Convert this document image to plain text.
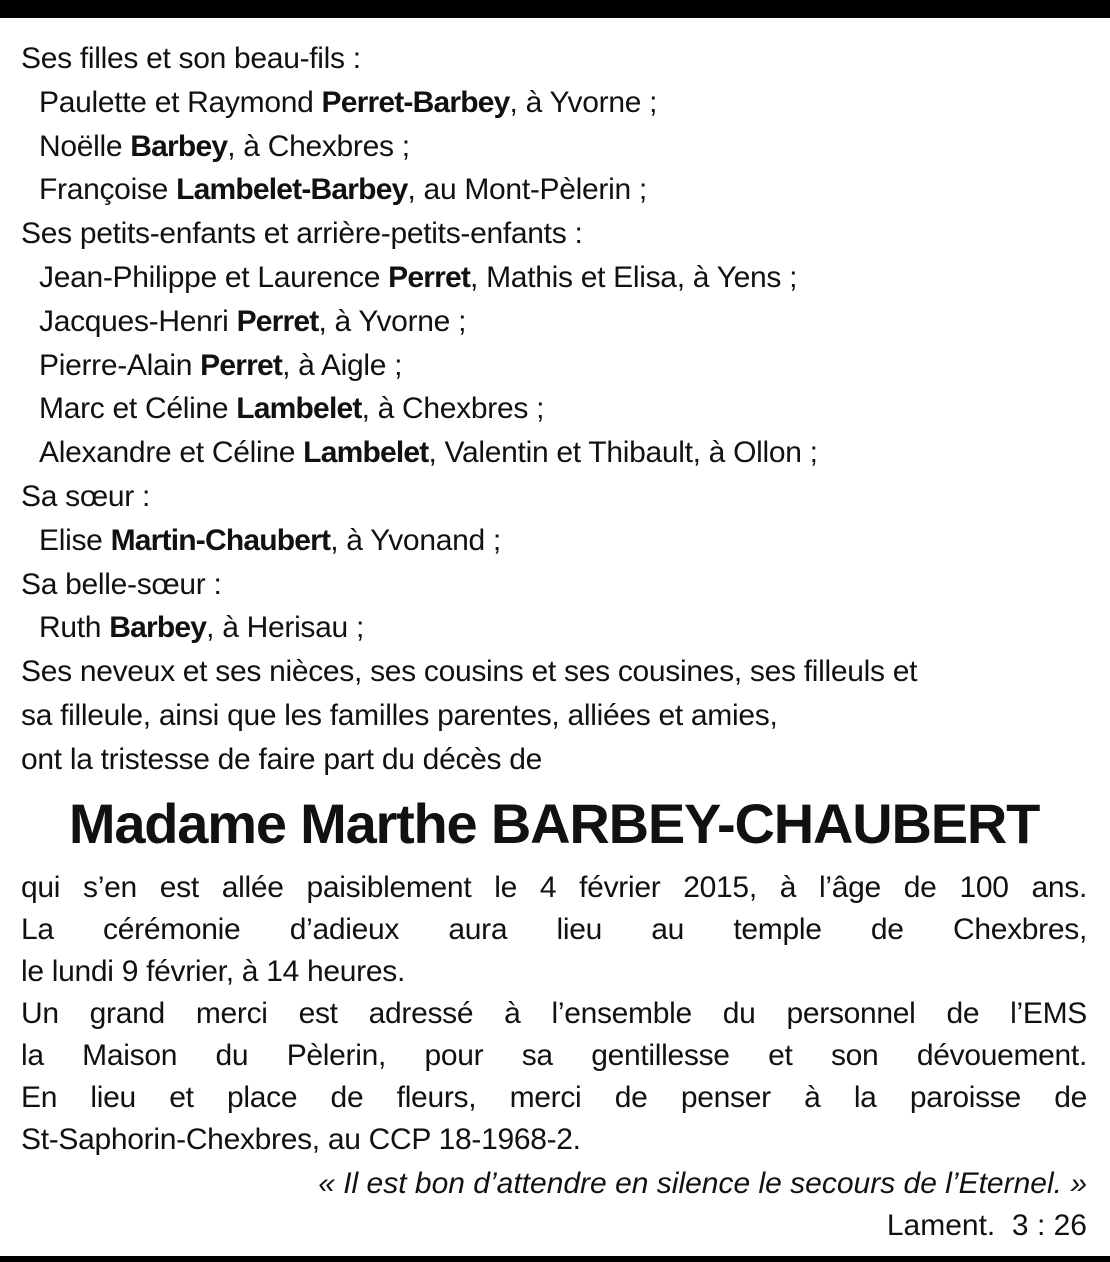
Ses filles et son beau-fils :
Paulette et Raymond Perret-Barbey, à Yvorne ;
Noëlle Barbey, à Chexbres ;
Françoise Lambelet-Barbey, au Mont-Pèlerin ;
Ses petits-enfants et arrière-petits-enfants :
Jean-Philippe et Laurence Perret, Mathis et Elisa, à Yens ;
Jacques-Henri Perret, à Yvorne ;
Pierre-Alain Perret, à Aigle ;
Marc et Céline Lambelet, à Chexbres ;
Alexandre et Céline Lambelet, Valentin et Thibault, à Ollon ;
Sa sœur :
Elise Martin-Chaubert, à Yvonand ;
Sa belle-sœur :
Ruth Barbey, à Herisau ;
Ses neveux et ses nièces, ses cousins et ses cousines, ses filleuls et
sa filleule, ainsi que les familles parentes, alliées et amies,
ont la tristesse de faire part du décès de
Madame Marthe BARBEY-CHAUBERT
qui s’en est allée paisiblement le 4 février 2015, à l’âge de 100 ans.
La cérémonie d’adieux aura lieu au temple de Chexbres,
le lundi 9 février, à 14 heures.
Un grand merci est adressé à l’ensemble du personnel de l’EMS
la Maison du Pèlerin, pour sa gentillesse et son dévouement.
En lieu et place de fleurs, merci de penser à la paroisse de
St-Saphorin-Chexbres, au CCP 18-1968-2.
« Il est bon d’attendre en silence le secours de l’Eternel. »
Lament.  3 : 26
